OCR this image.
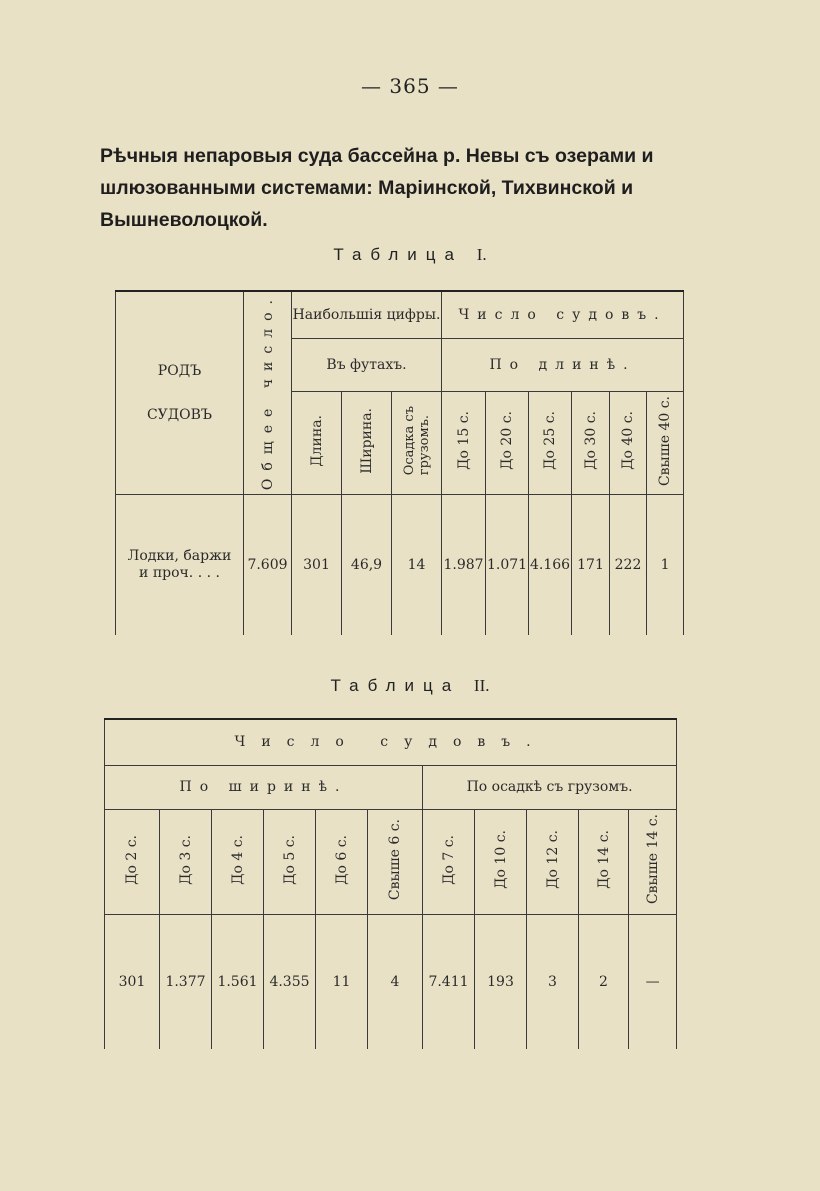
— 365 —
Рѣчныя непаровыя суда бассейна р. Невы съ озерами и шлюзованными системами: Маріинской, Тихвинской и Вышневолоцкой.
Таблица I.
РОДЪ
СУДОВЪ	Общее число.	Наибольшія цифры.			Число судовъ.					
		Въ футахъ.			По длинѣ.					
		Длина.	Ширина.	Осадка съгрузомъ.	До 15 с.	До 20 с.	До 25 с.	До 30 с.	До 40 с.	Свыше 40 с.

Лодки, баржи
и проч. . . .	7.609	301	46,9	14	1.987	1.071	4.166	171	222	1
Таблица II.
Число судовъ.										
По ширинѣ.						По осадкѣ съ грузомъ.				
До 2 с.	До 3 с.	До 4 с.	До 5 с.	До 6 с.	Свыше 6 с.	До 7 с.	До 10 с.	До 12 с.	До 14 с.	Свыше 14 с.
301	1.377	1.561	4.355	11	4	7.411	193	3	2	—
